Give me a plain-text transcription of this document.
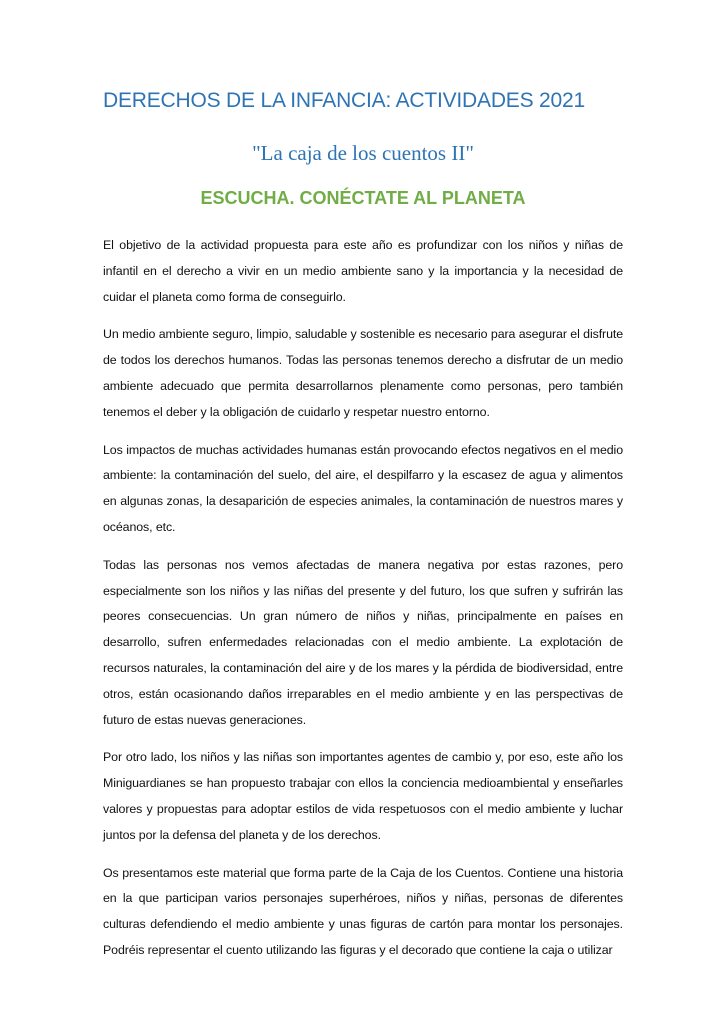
DERECHOS DE LA INFANCIA: ACTIVIDADES 2021
"La caja de los cuentos II"
ESCUCHA. CONÉCTATE AL PLANETA

El objetivo de la actividad propuesta para este año es profundizar con los niños y niñas de infantil en el derecho a vivir en un medio ambiente sano y la importancia y la necesidad de cuidar el planeta como forma de conseguirlo.

Un medio ambiente seguro, limpio, saludable y sostenible es necesario para asegurar el disfrute de todos los derechos humanos. Todas las personas tenemos derecho a disfrutar de un medio ambiente adecuado que permita desarrollarnos plenamente como personas, pero también tenemos el deber y la obligación de cuidarlo y respetar nuestro entorno.

Los impactos de muchas actividades humanas están provocando efectos negativos en el medio ambiente: la contaminación del suelo, del aire, el despilfarro y la escasez de agua y alimentos en algunas zonas, la desaparición de especies animales, la contaminación de nuestros mares y océanos, etc.

Todas las personas nos vemos afectadas de manera negativa por estas razones, pero especialmente son los niños y las niñas del presente y del futuro, los que sufren y sufrirán las peores consecuencias. Un gran número de niños y niñas, principalmente en países en desarrollo, sufren enfermedades relacionadas con el medio ambiente. La explotación de recursos naturales, la contaminación del aire y de los mares y la pérdida de biodiversidad, entre otros, están ocasionando daños irreparables en el medio ambiente y en las perspectivas de futuro de estas nuevas generaciones.

Por otro lado, los niños y las niñas son importantes agentes de cambio y, por eso, este año los Miniguardianes se han propuesto trabajar con ellos la conciencia medioambiental y enseñarles valores y propuestas para adoptar estilos de vida respetuosos con el medio ambiente y luchar juntos por la defensa del planeta y de los derechos.

Os presentamos este material que forma parte de la Caja de los Cuentos. Contiene una historia en la que participan varios personajes superhéroes, niños y niñas, personas de diferentes culturas defendiendo el medio ambiente y unas figuras de cartón para montar los personajes. Podréis representar el cuento utilizando las figuras y el decorado que contiene la caja o utilizar
